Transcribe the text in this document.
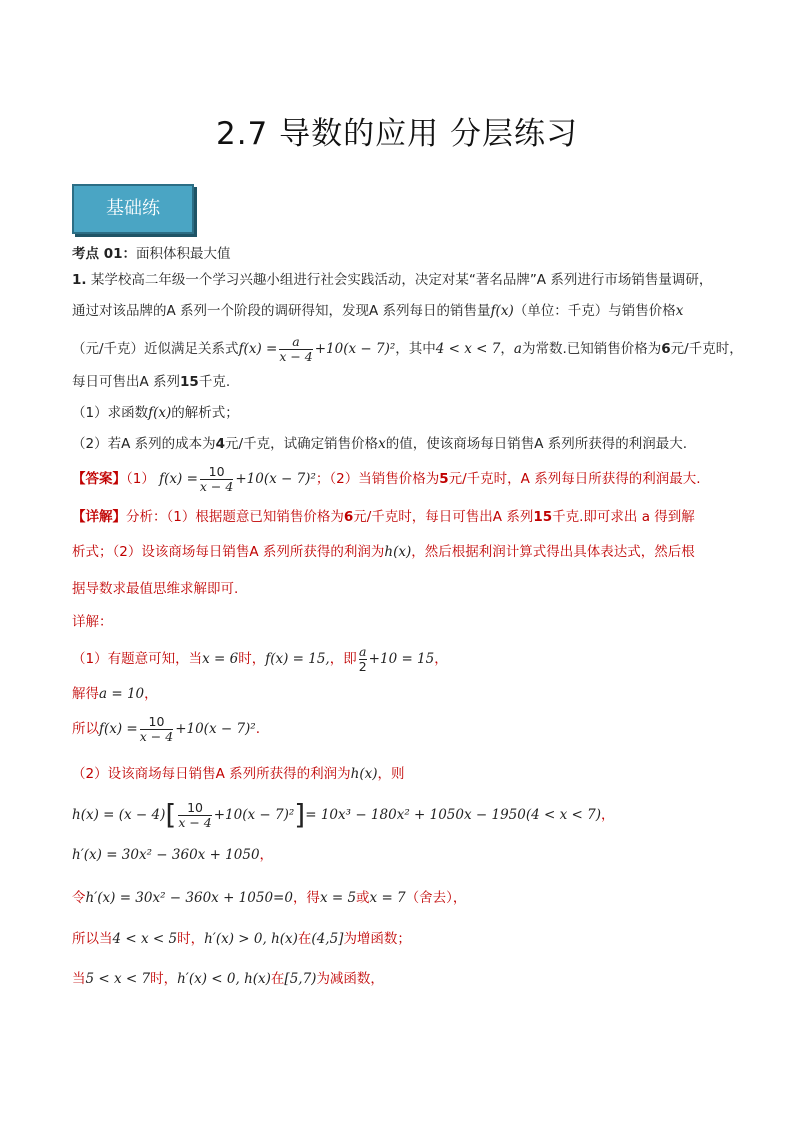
2.7 导数的应用 分层练习
基础练
考点 01：面积体积最大值
1. 某学校高二年级一个学习兴趣小组进行社会实践活动，决定对某“著名品牌”A 系列进行市场销售量调研，
通过对该品牌的A 系列一个阶段的调研得知，发现A 系列每日的销售量f(x)（单位：千克）与销售价格x
（元/千克）近似满足关系式$f(x) = \frac{a}{x - 4} +10(x - 7)^2$，其中4 < x < 7，a为常数.已知销售价格为6元/千克时，
每日可售出A 系列15千克.
（1）求函数f(x)的解析式；
（2）若A 系列的成本为4元/千克，试确定销售价格x的值，使该商场每日销售A 系列所获得的利润最大.
【答案】（1） $f(x) = \frac{10}{x - 4} +10(x - 7)^2$；（2）当销售价格为5元/千克时，A 系列每日所获得的利润最大.
【详解】分析：（1）根据题意已知销售价格为6元/千克时，每日可售出A 系列15千克.即可求出 a 得到解
析式；（2）设该商场每日销售A 系列所获得的利润为h(x)，然后根据利润计算式得出具体表达式，然后根
据导数求最值思维求解即可.
详解：
（1）有题意可知，当x = 6时，f(x) = 15,，即 $\frac{a}{2} +10 = 15$，
解得a = 10，
所以$f(x) = \frac{10}{x - 4} +10(x - 7)^2$.
（2）设该商场每日销售A 系列所获得的利润为h(x)，则
$h(x) = (x - 4)[ \frac{10}{x - 4} +10(x - 7)^2]= 10x^3 - 180x^2 + 1050x - 1950(4 < x < 7)$，
h′(x) = 30x² − 360x + 1050，
令h′(x) = 30x² − 360x + 1050=0，得x = 5或x = 7（舍去），
所以当4 < x < 5时，h′(x) > 0, h(x)在(4,5]为增函数；
当5 < x < 7时，h′(x) < 0, h(x)在[5,7)为减函数，
